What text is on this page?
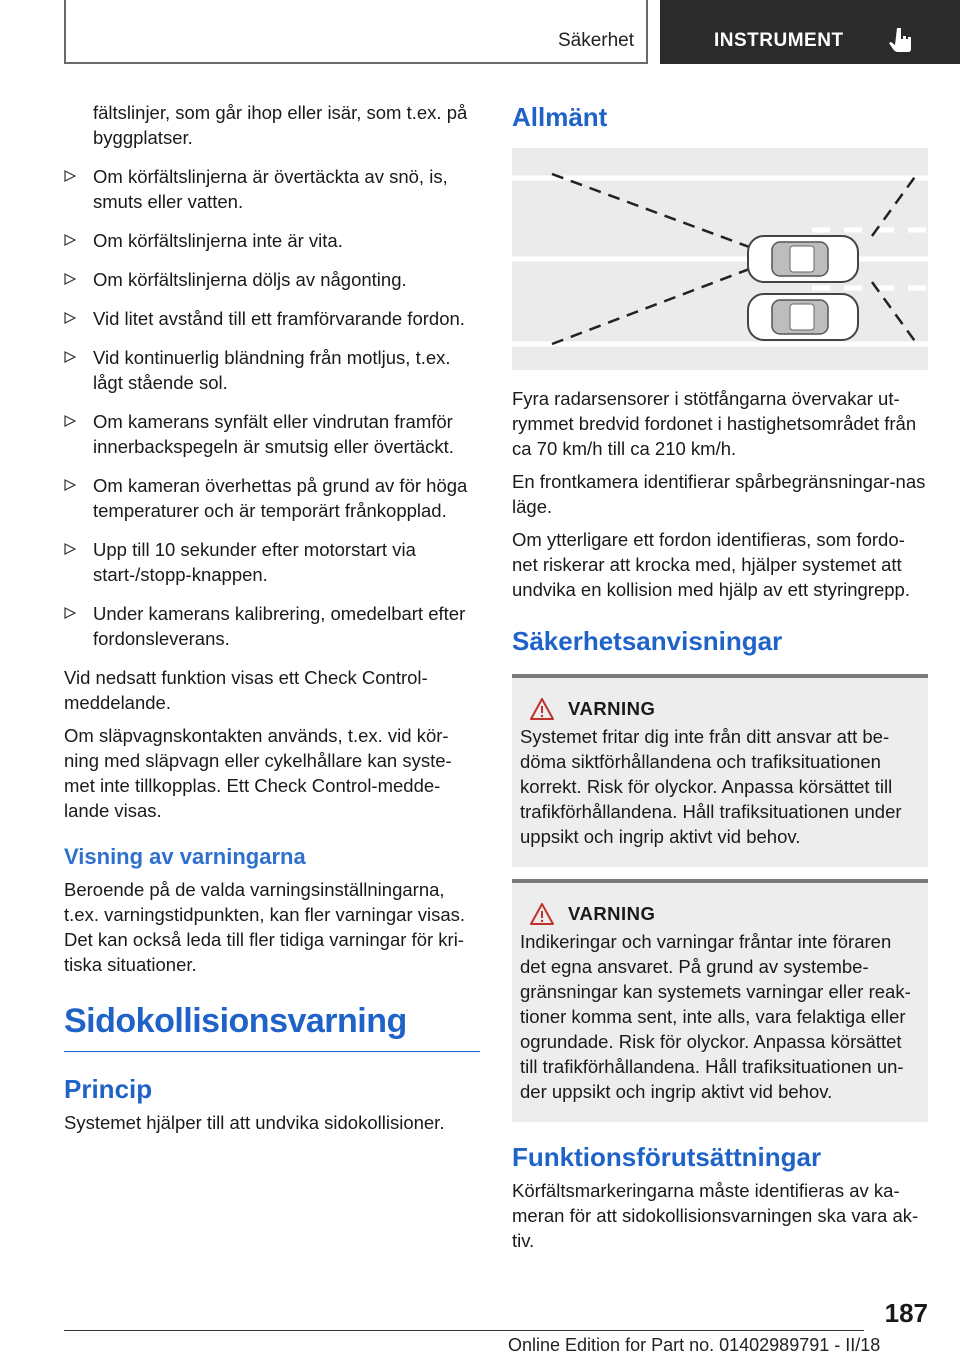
Säkerhet	INSTRUMENT

fältslinjer, som går ihop eller isär, som t.ex. på byggplatser.

Om körfältslinjerna är övertäckta av snö, is, smuts eller vatten.
Om körfältslinjerna inte är vita.
Om körfältslinjerna döljs av någonting.
Vid litet avstånd till ett framförvarande fordon.
Vid kontinuerlig bländning från motljus, t.ex. lågt stående sol.
Om kamerans synfält eller vindrutan framför innerbackspegeln är smutsig eller övertäckt.
Om kameran överhettas på grund av för höga temperaturer och är temporärt frånkopplad.
Upp till 10 sekunder efter motorstart via start-/stopp-knappen.
Under kamerans kalibrering, omedelbart efter fordonsleverans.

Vid nedsatt funktion visas ett Check Control-meddelande.

Om släpvagnskontakten används, t.ex. vid kör-ning med släpvagn eller cykelhållare kan syste-met inte tillkopplas. Ett Check Control-medde-lande visas.

Visning av varningarna

Beroende på de valda varningsinställningarna, t.ex. varningstidpunkten, kan fler varningar visas. Det kan också leda till fler tidiga varningar för kri-tiska situationer.

Sidokollisionsvarning
Princip

Systemet hjälper till att undvika sidokollisioner.

Allmänt

Fyra radarsensorer i stötfångarna övervakar ut-rymmet bredvid fordonet i hastighetsområdet från ca 70 km/h till ca 210 km/h.

En frontkamera identifierar spårbegränsningar-nas läge.

Om ytterligare ett fordon identifieras, som fordo-net riskerar att krocka med, hjälper systemet att undvika en kollision med hjälp av ett styringrepp.

Säkerhetsanvisningar
VARNING

Systemet fritar dig inte från ditt ansvar att be-döma siktförhållandena och trafiksituationen korrekt. Risk för olyckor. Anpassa körsättet till trafikförhållandena. Håll trafiksituationen under uppsikt och ingrip aktivt vid behov.

VARNING

Indikeringar och varningar fråntar inte föraren det egna ansvaret. På grund av systembe-gränsningar kan systemets varningar eller reak-tioner komma sent, inte alls, vara felaktiga eller ogrundade. Risk för olyckor. Anpassa körsättet till trafikförhållandena. Håll trafiksituationen un-der uppsikt och ingrip aktivt vid behov.

Funktionsförutsättningar

Körfältsmarkeringarna måste identifieras av ka-meran för att sidokollisionsvarningen ska vara ak-tiv.

187
Online Edition for Part no. 01402989791 - II/18
